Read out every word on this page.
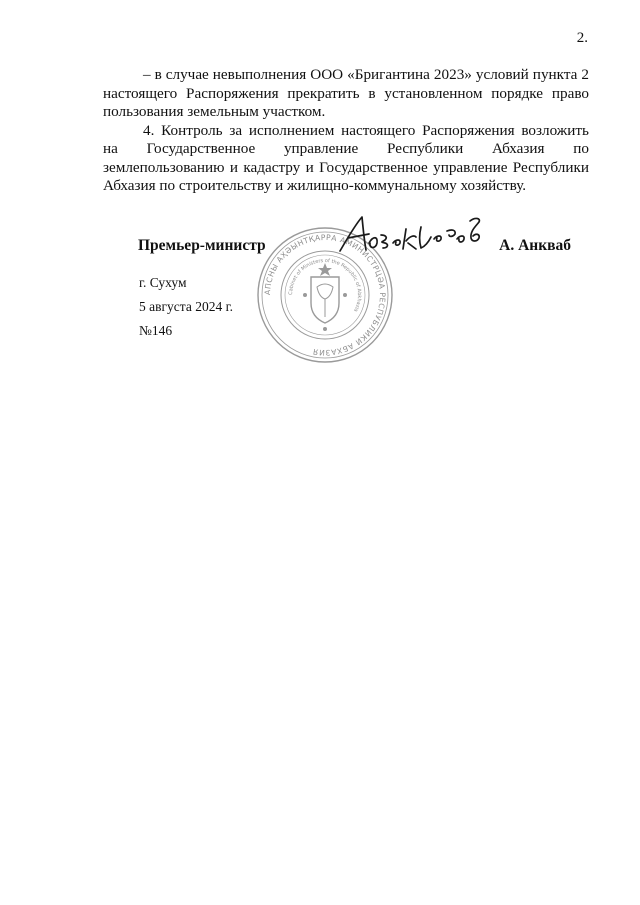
2.

– в случае невыполнения ООО «Бригантина 2023» условий пункта 2 настоящего Распоряжения прекратить в установленном порядке право пользования земельным участком.

4. Контроль за исполнением настоящего Распоряжения возложить на Государственное управление Республики Абхазия по землепользованию и кадастру и Государственное управление Республики Абхазия по строительству и жилищно-коммунальному хозяйству.

АПСНЫ АҲӘЫНТҚАРРА АМИНИСТРЦӘА РЕСПУБЛИКИ АБХАЗИЯ
Cabinet of Ministers of the Republic of Abkhazia
Премьер-министр	А. Анкваб
г. Сухум
5 августа 2024 г.
№146
